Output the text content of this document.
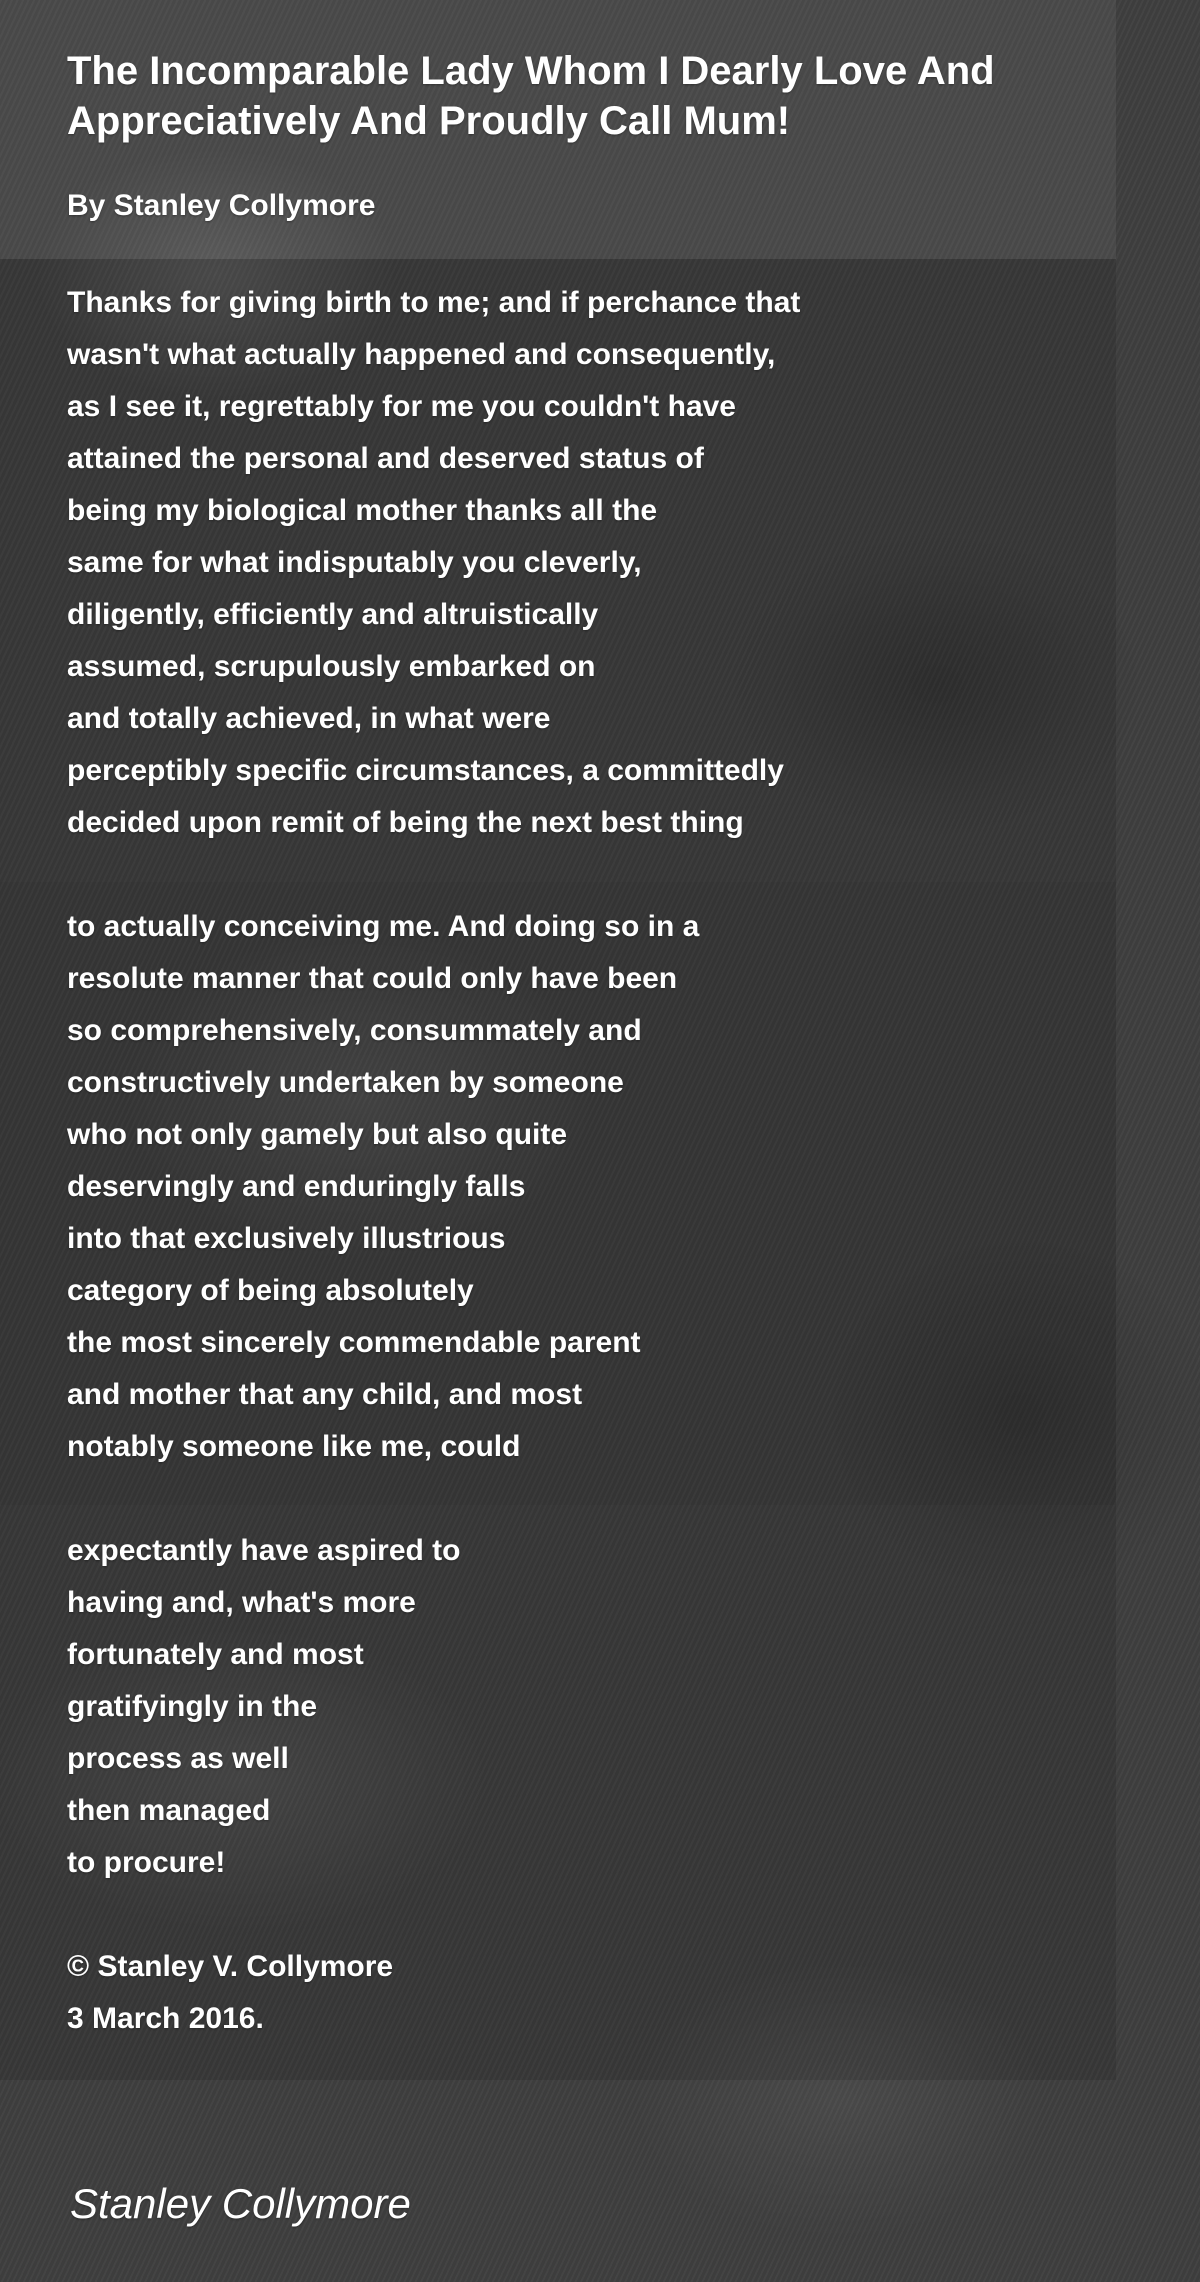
The Incomparable Lady Whom I Dearly Love And Appreciatively And Proudly Call Mum!
By Stanley Collymore
Thanks for giving birth to me; and if perchance that
wasn't what actually happened and consequently,
as I see it, regrettably for me you couldn't have
attained the personal and deserved status of
being my biological mother thanks all the
same for what indisputably you cleverly,
diligently, efficiently and altruistically
assumed, scrupulously embarked on
and totally achieved, in what were
perceptibly specific circumstances, a committedly
decided upon remit of being the next best thing
to actually conceiving me. And doing so in a
resolute manner that could only have been
so comprehensively, consummately and
constructively undertaken by someone
who not only gamely but also quite
deservingly and enduringly falls
into that exclusively illustrious
category of being absolutely
the most sincerely commendable parent
and mother that any child, and most
notably someone like me, could
expectantly have aspired to
having and, what's more
fortunately and most
gratifyingly in the
process as well
then managed
to procure!
© Stanley V. Collymore
3 March 2016.
Stanley Collymore
